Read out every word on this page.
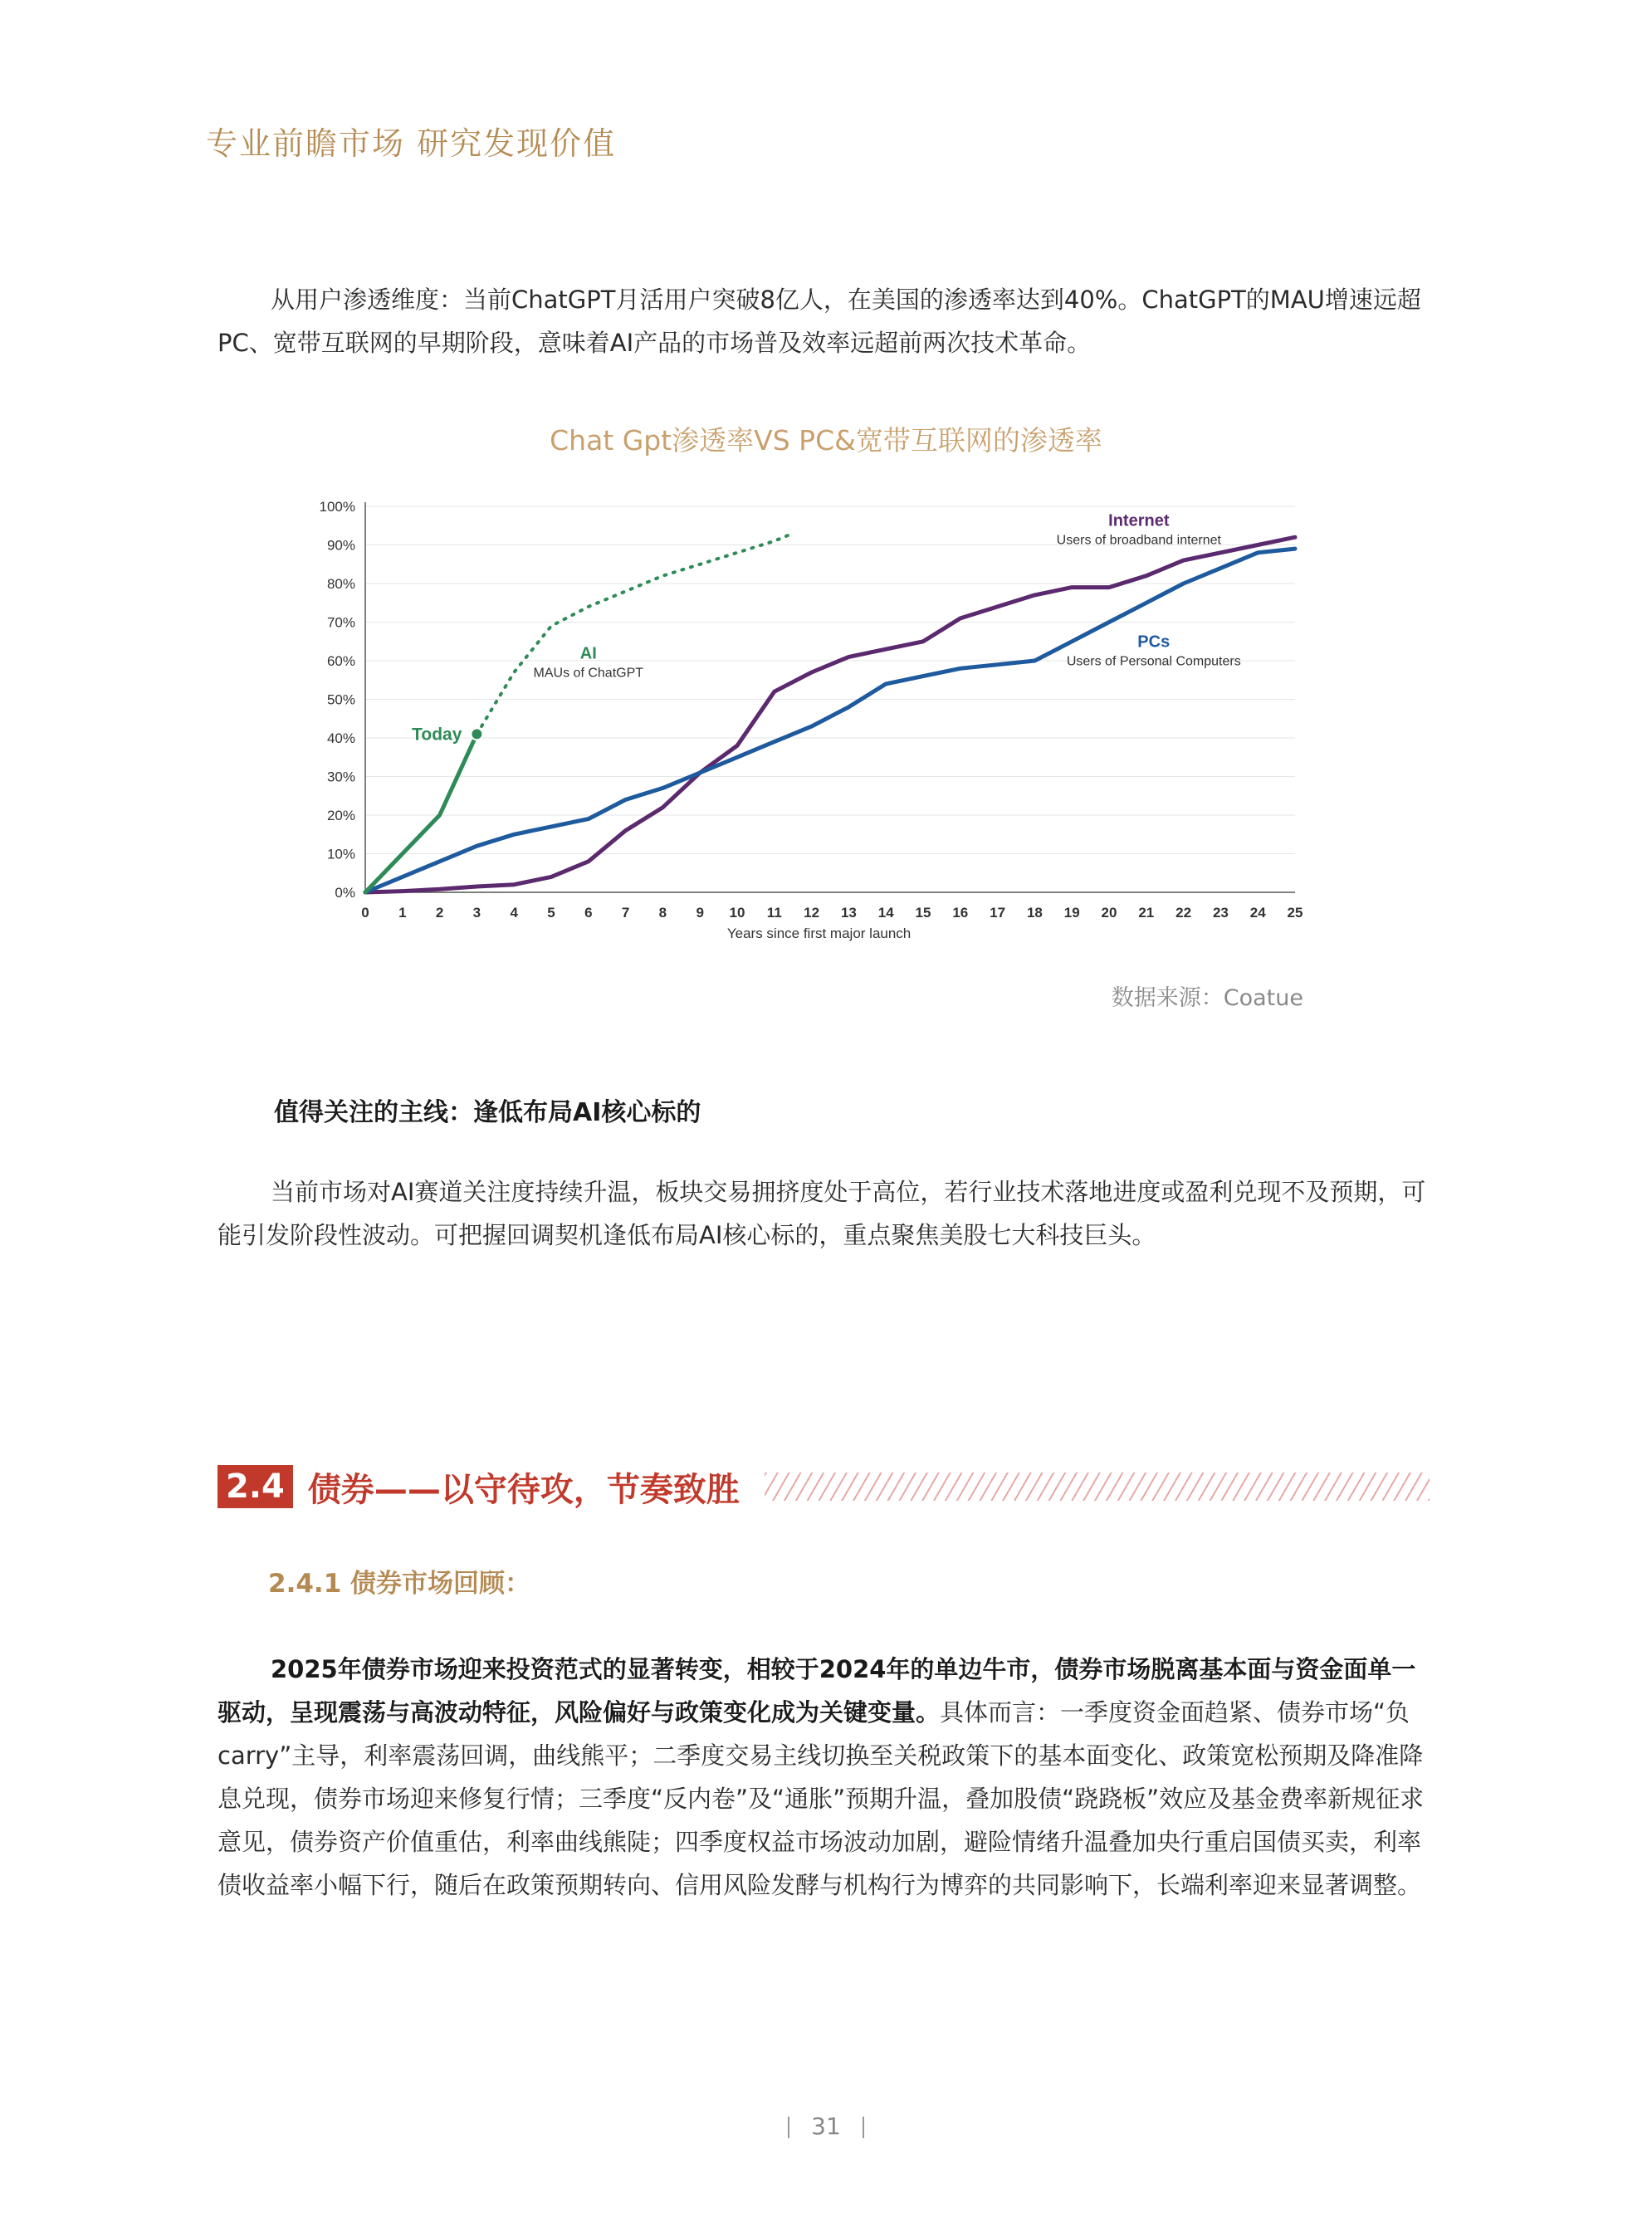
专业前瞻市场 研究发现价值

从用户渗透维度：当前ChatGPT月活用户突破8亿人，在美国的渗透率达到40%。ChatGPT的MAU增速远超PC、宽带互联网的早期阶段，意味着AI产品的市场普及效率远超前两次技术革命。

Chat Gpt渗透率VS PC&宽带互联网的渗透率
0%
10%
20%
30%
40%
50%
60%
70%
80%
90%
100%
0 1 2 3 4 5 6 7 8 9 10 11 12 13 14 15 16 17 18 19 20 21 22 23 24 25
Years since first major launch
Internet
Users of broadband internet
PCs
Users of Personal Computers
AI
MAUs of ChatGPT
Today
数据来源：Coatue
值得关注的主线：逢低布局AI核心标的

当前市场对AI赛道关注度持续升温，板块交易拥挤度处于高位，若行业技术落地进度或盈利兑现不及预期，可能引发阶段性波动。可把握回调契机逢低布局AI核心标的，重点聚焦美股七大科技巨头。

2.4 债券——以守待攻，节奏致胜
2.4.1 债券市场回顾：

2025年债券市场迎来投资范式的显著转变，相较于2024年的单边牛市，债券市场脱离基本面与资金面单一驱动，呈现震荡与高波动特征，风险偏好与政策变化成为关键变量。具体而言：一季度资金面趋紧、债券市场“负carry”主导，利率震荡回调，曲线熊平；二季度交易主线切换至关税政策下的基本面变化、政策宽松预期及降准降息兑现，债券市场迎来修复行情；三季度“反内卷”及“通胀”预期升温，叠加股债“跷跷板”效应及基金费率新规征求意见，债券资产价值重估，利率曲线熊陡；四季度权益市场波动加剧，避险情绪升温叠加央行重启国债买卖，利率债收益率小幅下行，随后在政策预期转向、信用风险发酵与机构行为博弈的共同影响下，长端利率迎来显著调整。

31
